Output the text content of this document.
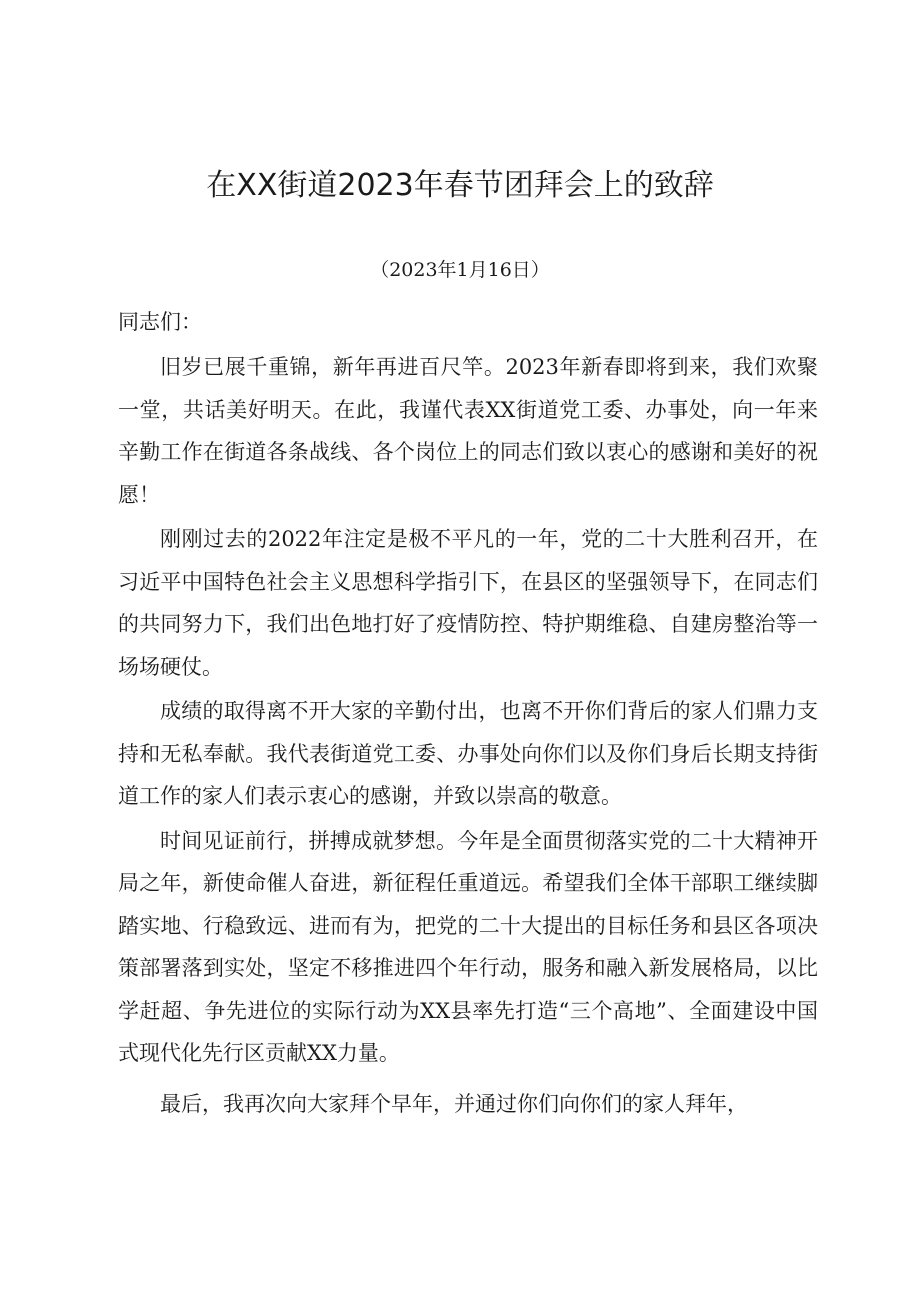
在XX街道2023年春节团拜会上的致辞

（2023年1月16日）

同志们：

旧岁已展千重锦，新年再进百尺竿。2023年新春即将到来，我们欢聚一堂，共话美好明天。在此，我谨代表XX街道党工委、办事处，向一年来辛勤工作在街道各条战线、各个岗位上的同志们致以衷心的感谢和美好的祝愿！

刚刚过去的2022年注定是极不平凡的一年，党的二十大胜利召开，在习近平中国特色社会主义思想科学指引下，在县区的坚强领导下，在同志们的共同努力下，我们出色地打好了疫情防控、特护期维稳、自建房整治等一场场硬仗。

成绩的取得离不开大家的辛勤付出，也离不开你们背后的家人们鼎力支持和无私奉献。我代表街道党工委、办事处向你们以及你们身后长期支持街道工作的家人们表示衷心的感谢，并致以崇高的敬意。

时间见证前行，拼搏成就梦想。今年是全面贯彻落实党的二十大精神开局之年，新使命催人奋进，新征程任重道远。希望我们全体干部职工继续脚踏实地、行稳致远、进而有为，把党的二十大提出的目标任务和县区各项决策部署落到实处，坚定不移推进四个年行动，服务和融入新发展格局，以比学赶超、争先进位的实际行动为XX县率先打造“三个高地”、全面建设中国式现代化先行区贡献XX力量。

最后，我再次向大家拜个早年，并通过你们向你们的家人拜年，
